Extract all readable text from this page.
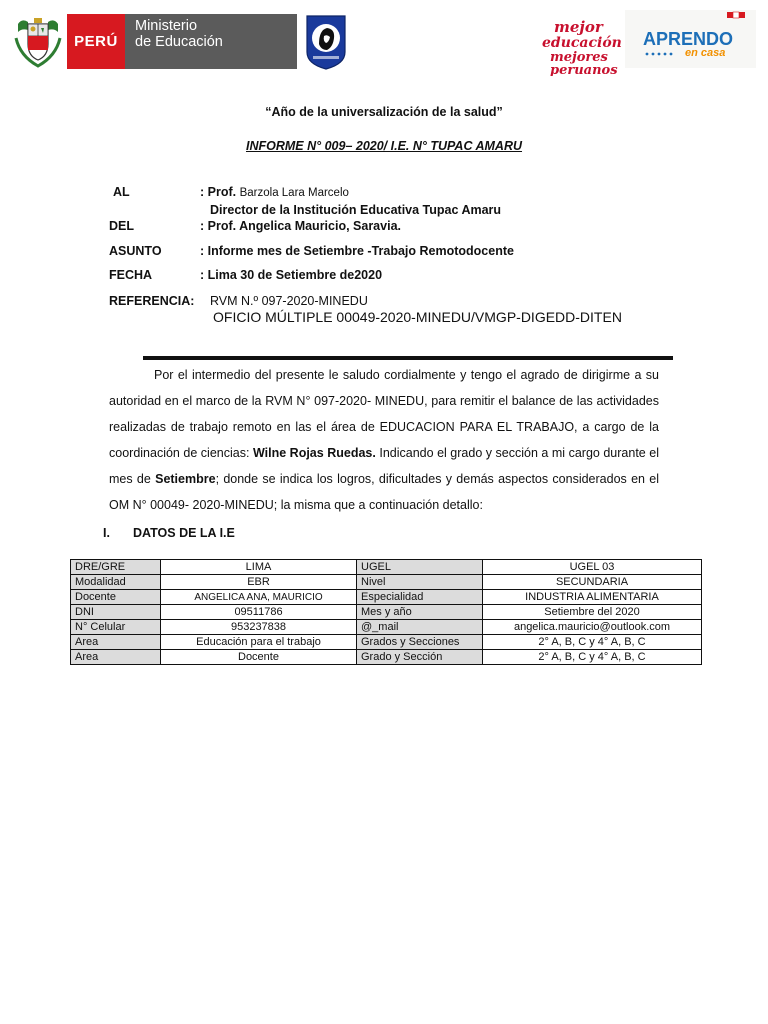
PERÚ
Ministerio
de Educación
mejor
educación
mejores
peruanos
APRENDO
en casa
“Año de la universalización de la salud”
INFORME N° 009– 2020/ I.E. N° TUPAC AMARU
AL	: Prof. Barzola Lara Marcelo
Director de la Institución Educativa Tupac Amaru
DEL	: Prof. Angelica Mauricio, Saravia.
ASUNTO	: Informe mes de Setiembre -Trabajo Remotodocente
FECHA	: Lima 30 de Setiembre de2020
REFERENCIA: RVM N.º 097-2020-MINEDU
OFICIO MÚLTIPLE 00049-2020-MINEDU/VMGP-DIGEDD-DITEN

Por el intermedio del presente le saludo cordialmente y tengo el agrado de dirigirme a su autoridad en el marco de la RVM N° 097-2020- MINEDU, para remitir el balance de las actividades realizadas de trabajo remoto en las el área de EDUCACION PARA EL TRABAJO, a cargo de la coordinación de ciencias: Wilne Rojas Ruedas. Indicando el grado y sección a mi cargo durante el mes de Setiembre; donde se indica los logros, dificultades y demás aspectos considerados en el OM N° 00049- 2020-MINEDU; la misma que a continuación detallo:

I. DATOS DE LA I.E
DRE/GRE	LIMA	UGEL	UGEL 03
Modalidad	EBR	Nivel	SECUNDARIA
Docente	ANGELICA ANA, MAURICIO	Especialidad	INDUSTRIA ALIMENTARIA
DNI	09511786	Mes y año	Setiembre del 2020
N° Celular	953237838	@_mail	angelica.mauricio@outlook.com
Area	Educación para el trabajo	Grados y Secciones	2° A, B, C y 4° A, B, C
Area	Docente	Grado y Sección	2° A, B, C y 4° A, B, C
